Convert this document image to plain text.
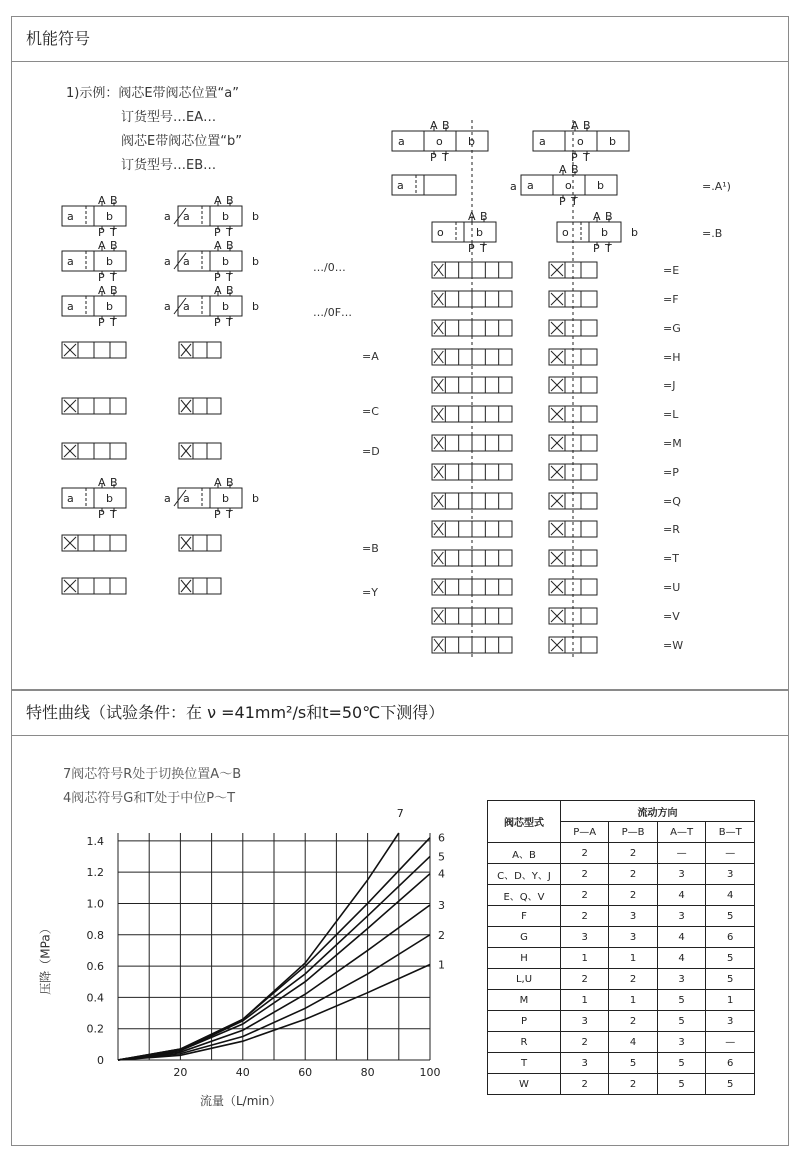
机能符号
1)示例：阀芯E带阀芯位置“a”
订货型号…EA…
阀芯E带阀芯位置“b”
订货型号…EB…
a	b
A B
P T
a	b
A B
P T
a	b
a	b
A B
P T
a	b
A B
P T
a	b
a	b
A B
P T
a	b
A B
P T
a	b
a	b
A B
P T
a	b
A B
P T
a	b
a	o b
A B
P T
a	o b
A B
P T
a	a a	o b
A B
P T
o	b
A B
P T
o	b
A B
P T
b
…/0…
…/0F…
=A
=C
=D
=B
=Y
=.A¹)
=.B
=E
=F
=G
=H
=J
=L
=M
=P
=Q
=R
=T
=U
=V
=W
特性曲线（试验条件：在 ν =41mm²/s和t=50℃下测得）
7阀芯符号R处于切换位置A～B
4阀芯符号G和T处于中位P～T
0
0.2
0.4
0.6
0.8
1.0
1.2
1.4
20	40	60	80	100
1
2
3
4
5
6
7
压降（MPa）
流量（L/min）
阀芯型式	流动方向			
	P—A	P—B	A—T	B—T
A、B	2	2	—	—
C、D、Y、J	2	2	3	3
E、Q、V	2	2	4	4
F	2	3	3	5
G	3	3	4	6
H	1	1	4	5
L,U	2	2	3	5
M	1	1	5	1
P	3	2	5	3
R	2	4	3	—
T	3	5	5	6
W	2	2	5	5
